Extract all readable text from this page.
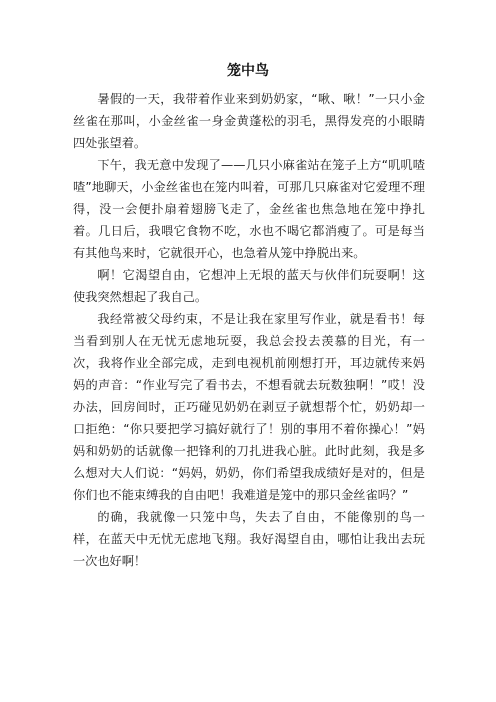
笼中鸟

暑假的一天，我带着作业来到奶奶家，“啾、啾！”一只小金丝雀在那叫，小金丝雀一身金黄蓬松的羽毛，黑得发亮的小眼睛四处张望着。

下午，我无意中发现了——几只小麻雀站在笼子上方“叽叽喳喳”地聊天，小金丝雀也在笼内叫着，可那几只麻雀对它爱理不理得，没一会便扑扇着翅膀飞走了，金丝雀也焦急地在笼中挣扎着。几日后，我喂它食物不吃，水也不喝它都消瘦了。可是每当有其他鸟来时，它就很开心，也急着从笼中挣脱出来。

啊！它渴望自由，它想冲上无垠的蓝天与伙伴们玩耍啊！这使我突然想起了我自己。

我经常被父母约束，不是让我在家里写作业，就是看书！每当看到别人在无忧无虑地玩耍，我总会投去羡慕的目光，有一次，我将作业全部完成，走到电视机前刚想打开，耳边就传来妈妈的声音：“作业写完了看书去，不想看就去玩数独啊！”哎！没办法，回房间时，正巧碰见奶奶在剥豆子就想帮个忙，奶奶却一口拒绝：“你只要把学习搞好就行了！别的事用不着你操心！”妈妈和奶奶的话就像一把锋利的刀扎进我心脏。此时此刻，我是多么想对大人们说：“妈妈，奶奶，你们希望我成绩好是对的，但是你们也不能束缚我的自由吧！我难道是笼中的那只金丝雀吗？”

的确，我就像一只笼中鸟，失去了自由，不能像别的鸟一样，在蓝天中无忧无虑地飞翔。我好渴望自由，哪怕让我出去玩一次也好啊！
